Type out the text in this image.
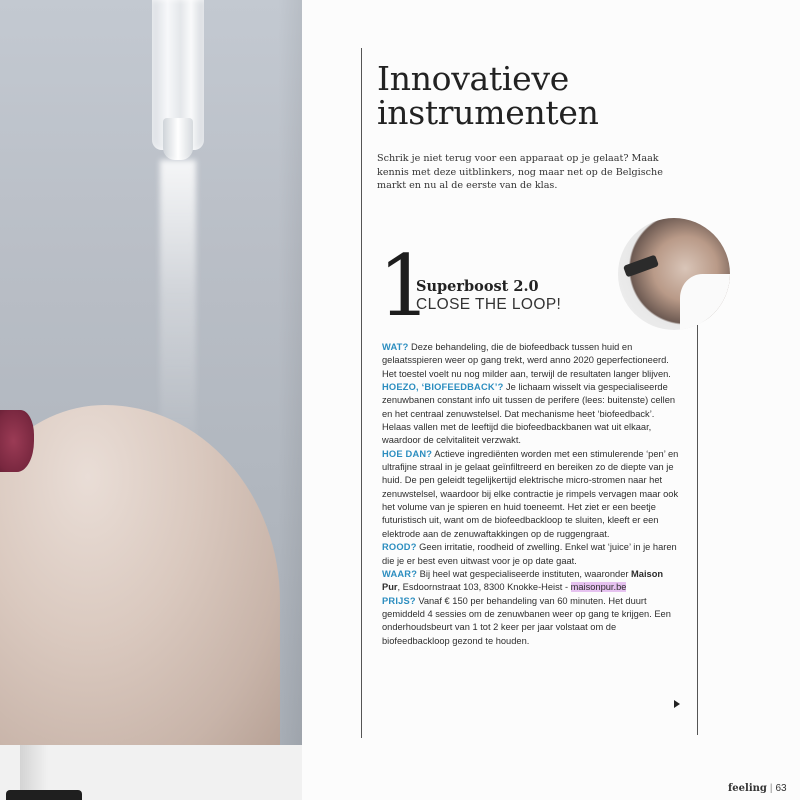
Innovatieve
instrumenten

Schrik je niet terug voor een apparaat op je gelaat? Maak kennis met deze uitblinkers, nog maar net op de Belgische markt en nu al de eerste van de klas.

1
Superboost 2.0
CLOSE THE LOOP!

WAT? Deze behandeling, die de biofeedback tussen huid en gelaatsspieren weer op gang trekt, werd anno 2020 geperfectioneerd. Het toestel voelt nu nog milder aan, terwijl de resultaten langer blijven.

HOEZO, ‘BIOFEEDBACK’? Je lichaam wisselt via gespecialiseerde zenuwbanen constant info uit tussen de perifere (lees: buitenste) cellen en het centraal zenuwstelsel. Dat mechanisme heet ‘biofeedback’. Helaas vallen met de leeftijd die biofeedbackbanen wat uit elkaar, waardoor de celvitaliteit verzwakt.

HOE DAN? Actieve ingrediënten worden met een stimulerende ‘pen’ en ultrafijne straal in je gelaat geïnfiltreerd en bereiken zo de diepte van je huid. De pen geleidt tegelijkertijd elektrische micro-stromen naar het zenuwstelsel, waardoor bij elke contractie je rimpels vervagen maar ook het volume van je spieren en huid toeneemt. Het ziet er een beetje futuristisch uit, want om de biofeedbackloop te sluiten, kleeft er een elektrode aan de zenuwaftakkingen op de ruggengraat.

ROOD? Geen irritatie, roodheid of zwelling. Enkel wat ‘juice’ in je haren die je er best even uitwast voor je op date gaat.

WAAR? Bij heel wat gespecialiseerde instituten, waaronder Maison Pur, Esdoornstraat 103, 8300 Knokke-Heist - maisonpur.be

PRIJS? Vanaf € 150 per behandeling van 60 minuten. Het duurt gemiddeld 4 sessies om de zenuwbanen weer op gang te krijgen. Een onderhoudsbeurt van 1 tot 2 keer per jaar volstaat om de biofeedbackloop gezond te houden.

feeling | 63
